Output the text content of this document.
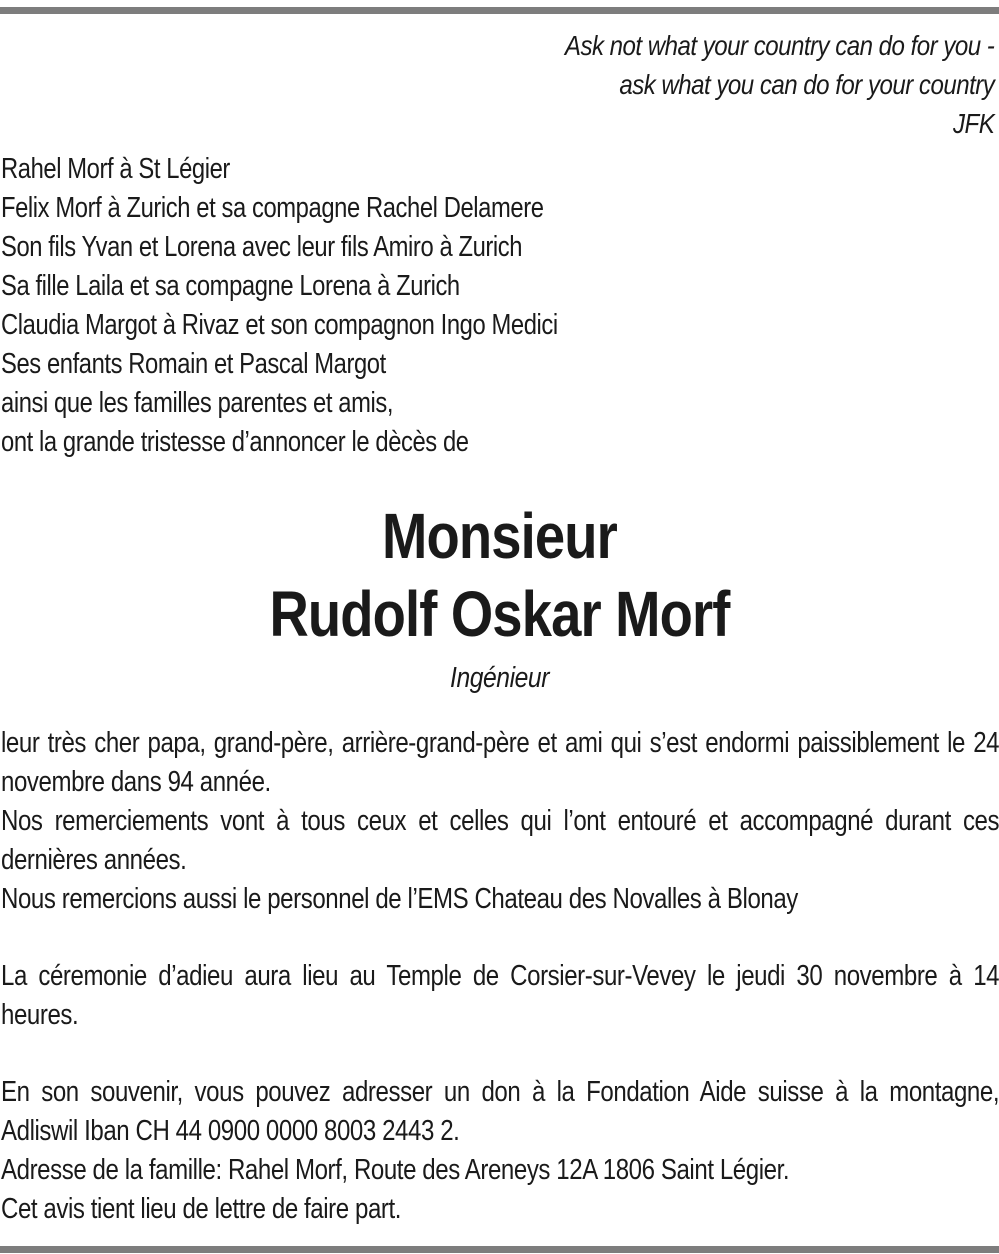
Ask not what your country can do for you -
ask what you can do for your country
JFK
Rahel Morf à St Légier
Felix Morf à Zurich et sa compagne Rachel Delamere
Son fils Yvan et Lorena avec leur fils Amiro à Zurich
Sa fille Laila et sa compagne Lorena à Zurich
Claudia Margot à Rivaz et son compagnon Ingo Medici
Ses enfants Romain et Pascal Margot
ainsi que les familles parentes et amis,
ont la grande tristesse d’annoncer le dècès de
Monsieur
Rudolf Oskar Morf
Ingénieur
leur très cher papa, grand-père, arrière-grand-père et ami qui s’est endormi paissiblement le 24 novembre dans 94 année.
Nos remerciements vont à tous ceux et celles qui l’ont entouré et accompagné durant ces dernières années.
Nous remercions aussi le personnel de l’EMS Chateau des Novalles à Blonay
La céremonie d’adieu aura lieu au Temple de Corsier-sur-Vevey le jeudi 30 novembre à 14 heures.
En son souvenir, vous pouvez adresser un don à la Fondation Aide suisse à la montagne, Adliswil Iban CH 44 0900 0000 8003 2443 2.
Adresse de la famille: Rahel Morf, Route des Areneys 12A 1806 Saint Légier.
Cet avis tient lieu de lettre de faire part.
